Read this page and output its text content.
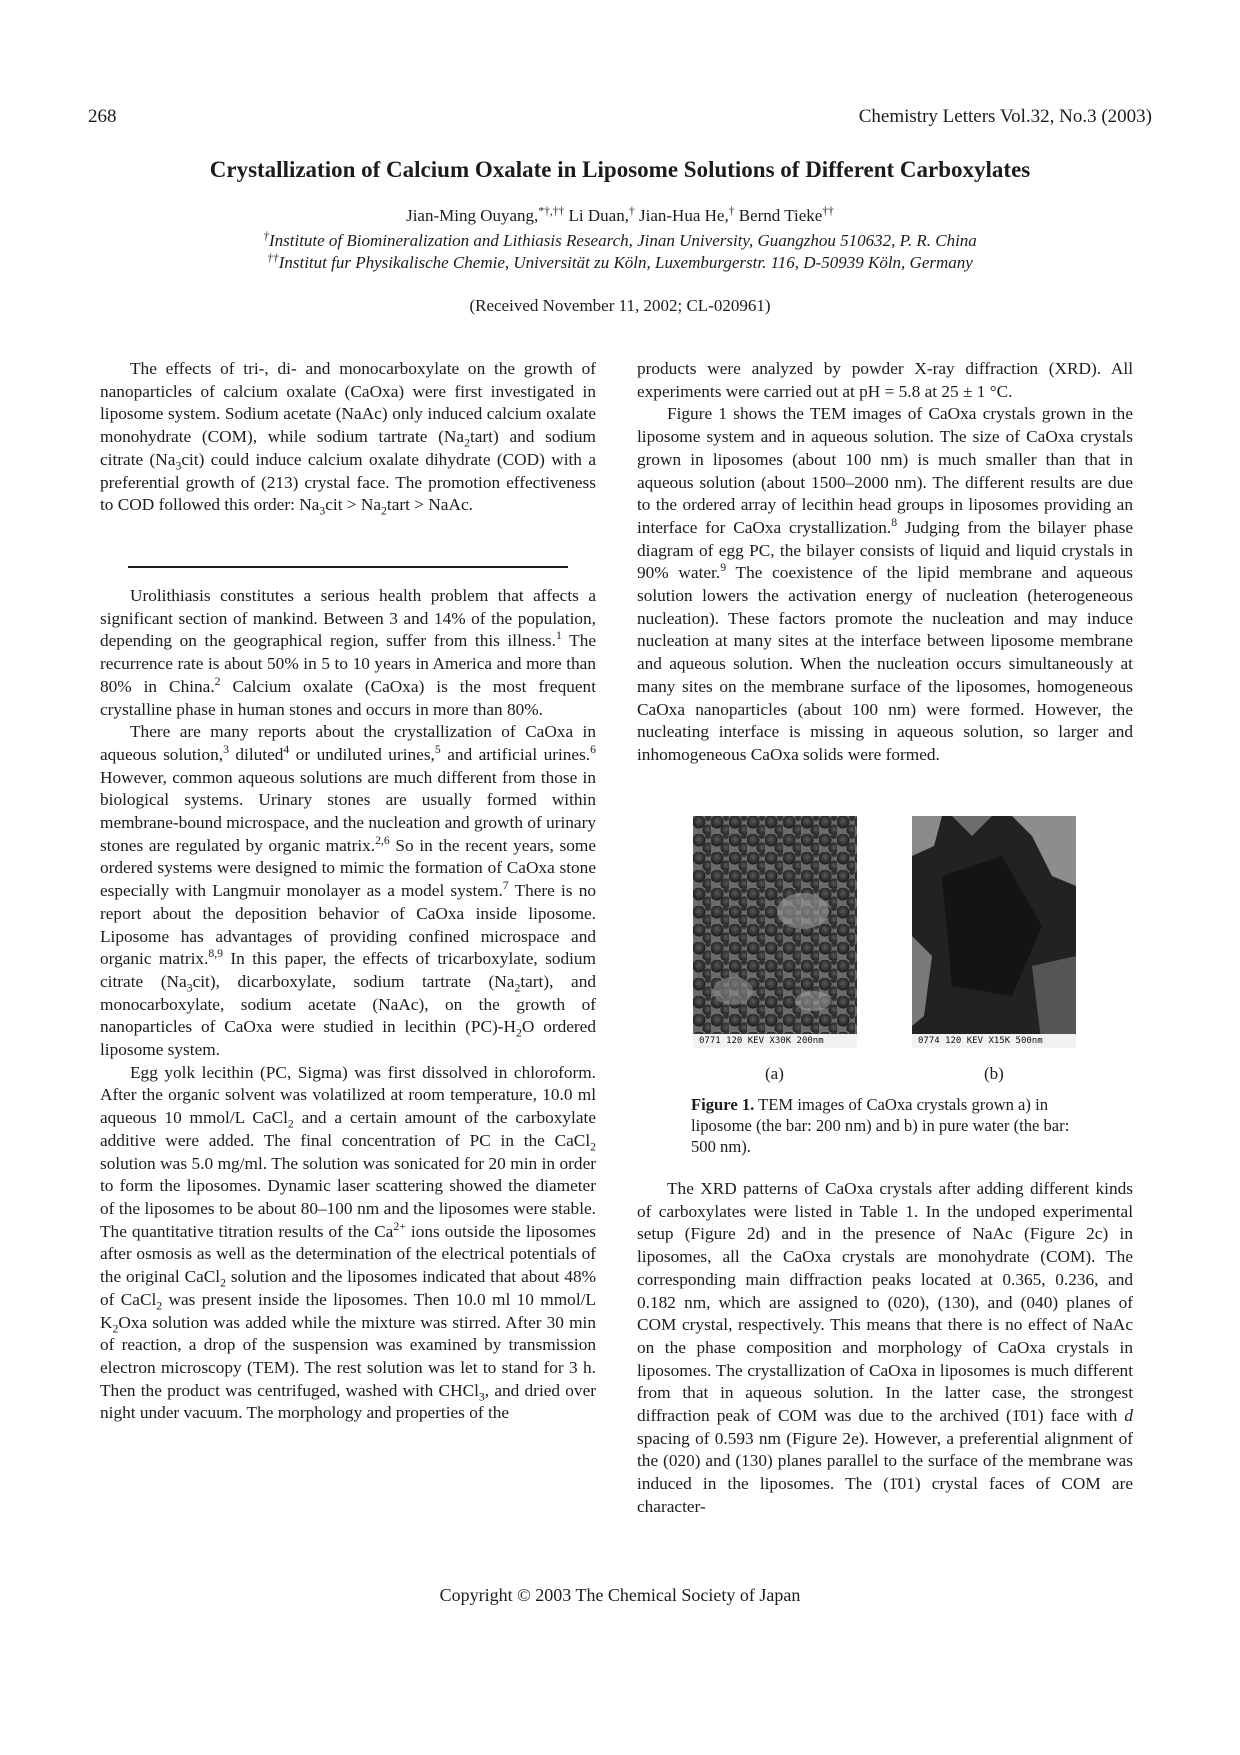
268	Chemistry Letters Vol.32, No.3 (2003)
Crystallization of Calcium Oxalate in Liposome Solutions of Different Carboxylates
Jian-Ming Ouyang,*†,†† Li Duan,† Jian-Hua He,† Bernd Tieke††
†Institute of Biomineralization and Lithiasis Research, Jinan University, Guangzhou 510632, P. R. China
††Institut fur Physikalische Chemie, Universität zu Köln, Luxemburgerstr. 116, D-50939 Köln, Germany
(Received November 11, 2002; CL-020961)

The effects of tri-, di- and monocarboxylate on the growth of nanoparticles of calcium oxalate (CaOxa) were first investigated in liposome system. Sodium acetate (NaAc) only induced calcium oxalate monohydrate (COM), while sodium tartrate $(Na_2tart)$ and sodium citrate $(Na_3cit)$ could induce calcium oxalate dihydrate (COD) with a preferential growth of (213) crystal face. The promotion effectiveness to COD followed this order: $Na_3cit$ > $Na_2tart$ > NaAc.

Urolithiasis constitutes a serious health problem that affects a significant section of mankind. Between 3 and 14% of the population, depending on the geographical region, suffer from this illness.$^1$ The recurrence rate is about 50% in 5 to 10 years in America and more than 80% in China.$^2$ Calcium oxalate (CaOxa) is the most frequent crystalline phase in human stones and occurs in more than 80%.

There are many reports about the crystallization of CaOxa in aqueous solution,$^3$ diluted$^4$ or undiluted urines,$^5$ and artificial urines.$^6$ However, common aqueous solutions are much different from those in biological systems. Urinary stones are usually formed within membrane-bound microspace, and the nucleation and growth of urinary stones are regulated by organic matrix.$^{2,6}$ So in the recent years, some ordered systems were designed to mimic the formation of CaOxa stone especially with Langmuir monolayer as a model system.$^7$ There is no report about the deposition behavior of CaOxa inside liposome. Liposome has advantages of providing confined microspace and organic matrix.$^{8,9}$ In this paper, the effects of tricarboxylate, sodium citrate $(Na_3cit)$, dicarboxylate, sodium tartrate $(Na_2tart)$, and monocarboxylate, sodium acetate (NaAc), on the growth of nanoparticles of CaOxa were studied in lecithin $(PC)-H_2O$ ordered liposome system.

Egg yolk lecithin (PC, Sigma) was first dissolved in chloroform. After the organic solvent was volatilized at room temperature, 10.0 ml aqueous 10 mmol/L CaCl$_2$ and a certain amount of the carboxylate additive were added. The final concentration of PC in the CaCl$_2$ solution was 5.0 mg/ml. The solution was sonicated for 20 min in order to form the liposomes. Dynamic laser scattering showed the diameter of the liposomes to be about 80–100 nm and the liposomes were stable. The quantitative titration results of the $Ca^{2+}$ ions outside the liposomes after osmosis as well as the determination of the electrical potentials of the original CaCl$_2$ solution and the liposomes indicated that about 48% of CaCl$_2$ was present inside the liposomes. Then 10.0 ml 10 mmol/L $K_2Oxa$ solution was added while the mixture was stirred. After 30 min of reaction, a drop of the suspension was examined by transmission electron microscopy (TEM). The rest solution was let to stand for 3 h. Then the product was centrifuged, washed with CHCl$_3$, and dried over night under vacuum. The morphology and properties of the

products were analyzed by powder X-ray diffraction (XRD). All experiments were carried out at pH = 5.8 at 25 ± 1 °C.

Figure 1 shows the TEM images of CaOxa crystals grown in the liposome system and in aqueous solution. The size of CaOxa crystals grown in liposomes (about 100 nm) is much smaller than that in aqueous solution (about 1500–2000 nm). The different results are due to the ordered array of lecithin head groups in liposomes providing an interface for CaOxa crystallization.$^8$ Judging from the bilayer phase diagram of egg PC, the bilayer consists of liquid and liquid crystals in 90% water.$^9$ The coexistence of the lipid membrane and aqueous solution lowers the activation energy of nucleation (heterogeneous nucleation). These factors promote the nucleation and may induce nucleation at many sites at the interface between liposome membrane and aqueous solution. When the nucleation occurs simultaneously at many sites on the membrane surface of the liposomes, homogeneous CaOxa nanoparticles (about 100 nm) were formed. However, the nucleating interface is missing in aqueous solution, so larger and inhomogeneous CaOxa solids were formed.

0771 120 KEV X30K 200nm	0774 120 KEV X15K 500nm
(a)	(b)
Figure 1. TEM images of CaOxa crystals grown a) in liposome (the bar: 200 nm) and b) in pure water (the bar: 500 nm).

The XRD patterns of CaOxa crystals after adding different kinds of carboxylates were listed in Table 1. In the undoped experimental setup (Figure 2d) and in the presence of NaAc (Figure 2c) in liposomes, all the CaOxa crystals are monohydrate (COM). The corresponding main diffraction peaks located at 0.365, 0.236, and 0.182 nm, which are assigned to (020), (130), and (040) planes of COM crystal, respectively. This means that there is no effect of NaAc on the phase composition and morphology of CaOxa crystals in liposomes. The crystallization of CaOxa in liposomes is much different from that in aqueous solution. In the latter case, the strongest diffraction peak of COM was due to the archived (1̄01) face with d spacing of 0.593 nm (Figure 2e). However, a preferential alignment of the (020) and (130) planes parallel to the surface of the membrane was induced in the liposomes. The (1̄01) crystal faces of COM are character-

Copyright © 2003 The Chemical Society of Japan
